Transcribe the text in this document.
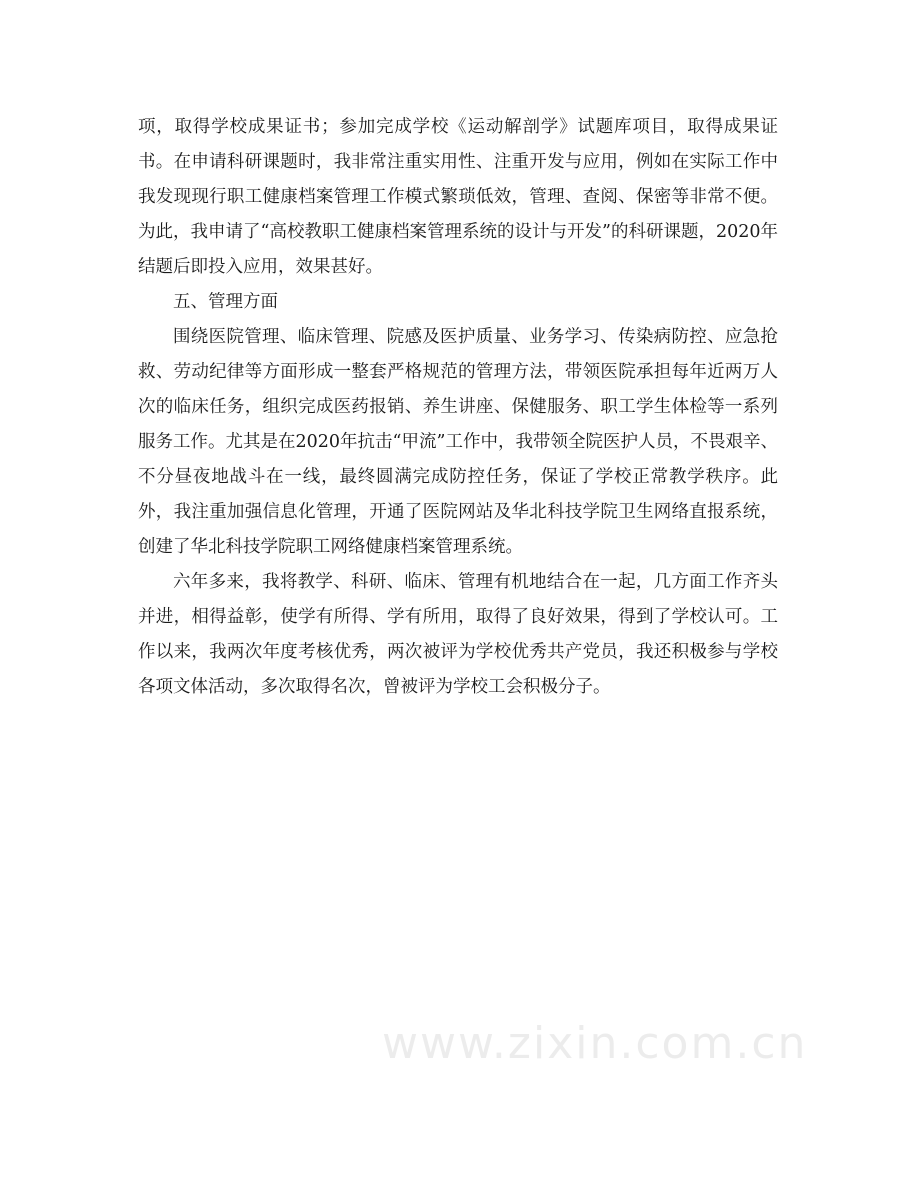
项，取得学校成果证书；参加完成学校《运动解剖学》试题库项目，取得成果证书。在申请科研课题时，我非常注重实用性、注重开发与应用，例如在实际工作中我发现现行职工健康档案管理工作模式繁琐低效，管理、查阅、保密等非常不便。为此，我申请了“高校教职工健康档案管理系统的设计与开发”的科研课题，2020年结题后即投入应用，效果甚好。

五、管理方面

围绕医院管理、临床管理、院感及医护质量、业务学习、传染病防控、应急抢救、劳动纪律等方面形成一整套严格规范的管理方法，带领医院承担每年近两万人次的临床任务，组织完成医药报销、养生讲座、保健服务、职工学生体检等一系列服务工作。尤其是在2020年抗击“甲流”工作中，我带领全院医护人员，不畏艰辛、不分昼夜地战斗在一线，最终圆满完成防控任务，保证了学校正常教学秩序。此外，我注重加强信息化管理，开通了医院网站及华北科技学院卫生网络直报系统，创建了华北科技学院职工网络健康档案管理系统。

六年多来，我将教学、科研、临床、管理有机地结合在一起，几方面工作齐头并进，相得益彰，使学有所得、学有所用，取得了良好效果，得到了学校认可。工作以来，我两次年度考核优秀，两次被评为学校优秀共产党员，我还积极参与学校各项文体活动，多次取得名次，曾被评为学校工会积极分子。

www.zixin.com.cn
